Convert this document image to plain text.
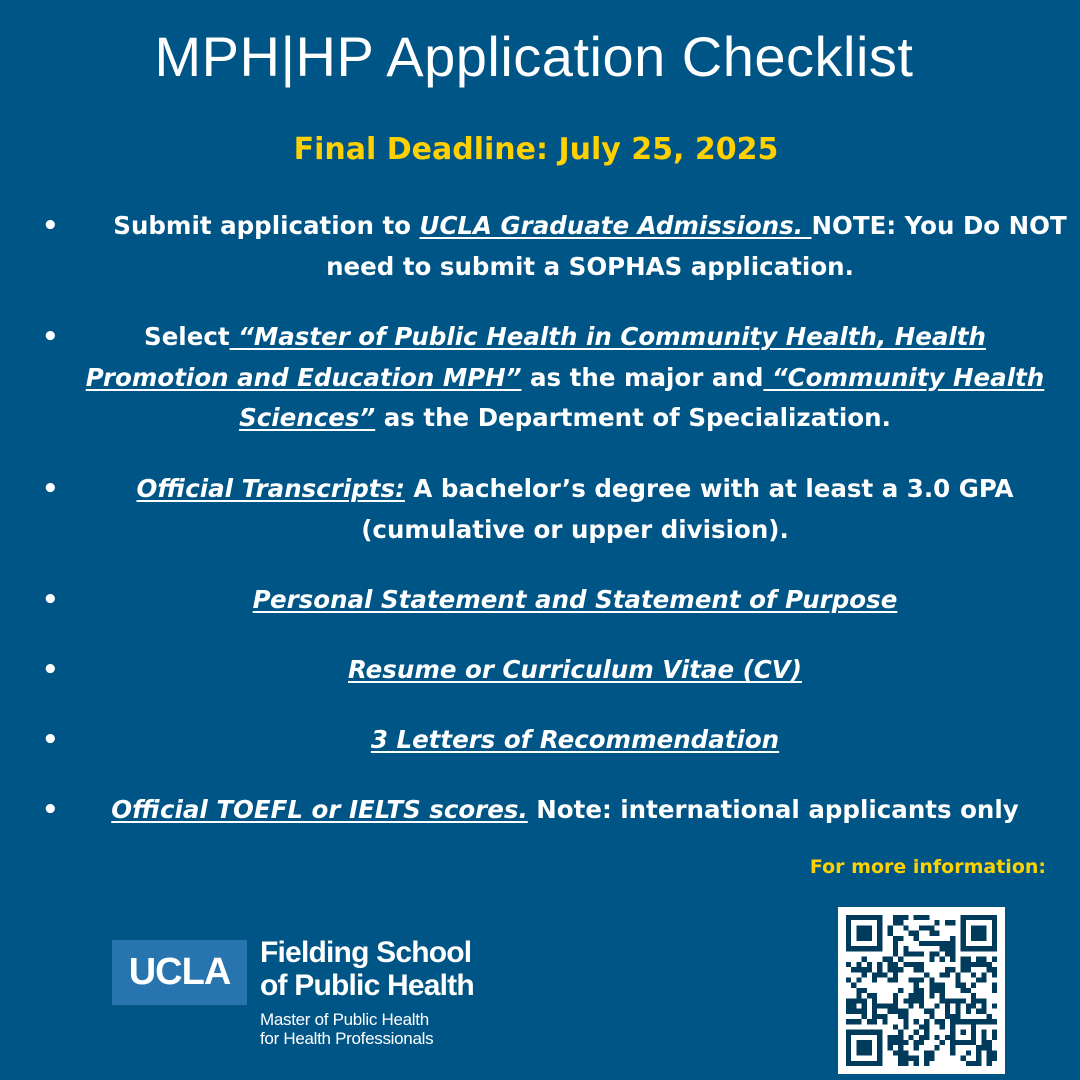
MPH|HP Application Checklist
Final Deadline: July 25, 2025
• Submit application to UCLA Graduate Admissions. NOTE: You Do NOT need to submit a SOPHAS application.
•	Select “Master of Public Health in Community Health, Health Promotion and Education MPH” as the major and “Community Health Sciences” as the Department of Specialization.
•	Official Transcripts: A bachelor’s degree with at least a 3.0 GPA (cumulative or upper division).
•	Personal Statement and Statement of Purpose
•	Resume or Curriculum Vitae (CV)
•	3 Letters of Recommendation
•	Official TOEFL or IELTS scores. Note: international applicants only
For more information:
UCLA Fielding School
of Public Health
Master of Public Health
for Health Professionals
